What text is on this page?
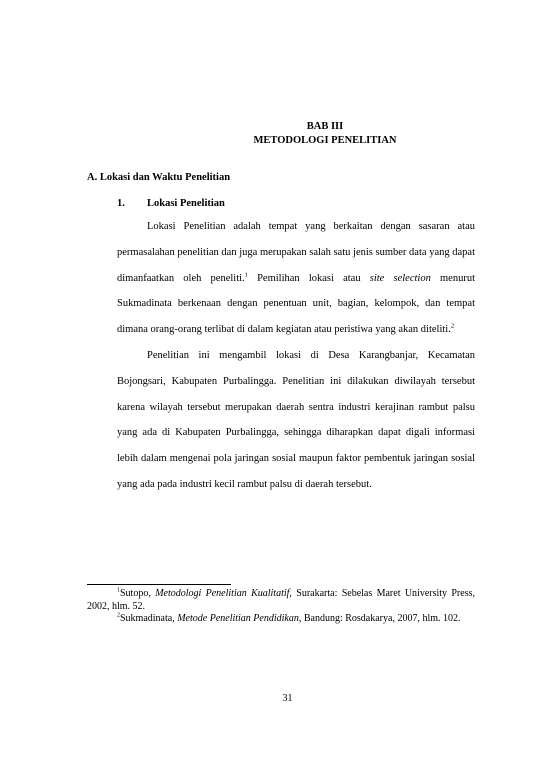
BAB III
METODOLOGI PENELITIAN
A. Lokasi dan Waktu Penelitian
1. Lokasi Penelitian

Lokasi Penelitian adalah tempat yang berkaitan dengan sasaran atau permasalahan penelitian dan juga merupakan salah satu jenis sumber data yang dapat dimanfaatkan oleh peneliti.$^1$ Pemilihan lokasi atau site selection menurut Sukmadinata berkenaan dengan penentuan unit, bagian, kelompok, dan tempat dimana orang-orang terlibat di dalam kegiatan atau peristiwa yang akan diteliti.$^2$

Penelitian ini mengambil lokasi di Desa Karangbanjar, Kecamatan Bojongsari, Kabupaten Purbalingga. Penelitian ini dilakukan diwilayah tersebut karena wilayah tersebut merupakan daerah sentra industri kerajinan rambut palsu yang ada di Kabupaten Purbalingga, sehingga diharapkan dapat digali informasi lebih dalam mengenai pola jaringan sosial maupun faktor pembentuk jaringan sosial yang ada pada industri kecil rambut palsu di daerah tersebut.

$^1$Sutopo, Metodologi Penelitian Kualitatif, Surakarta: Sebelas Maret University Press, 2002, hlm. 52.

$^2$Sukmadinata, Metode Penelitian Pendidikan, Bandung: Rosdakarya, 2007, hlm. 102.

31
